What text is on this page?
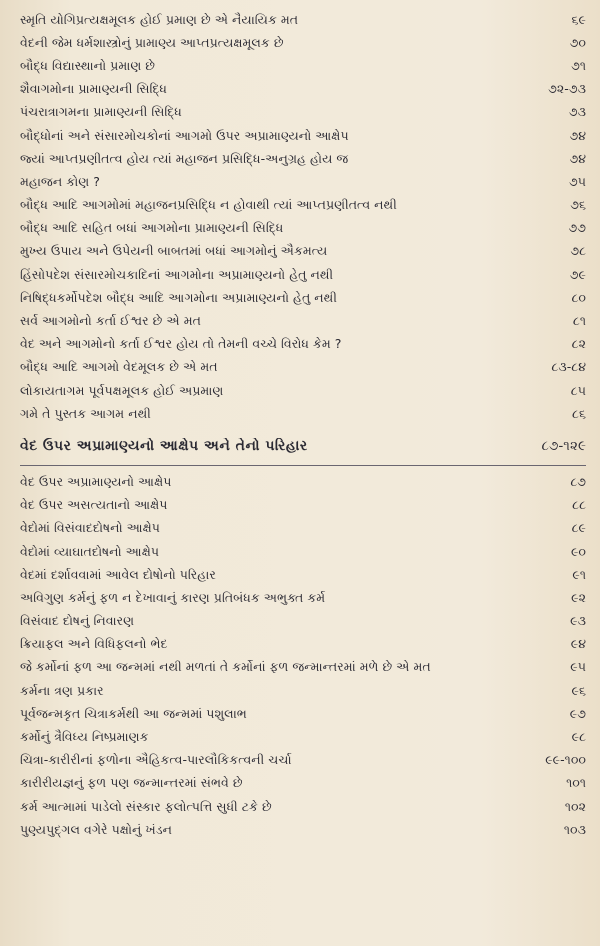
સ્મૃતિ યોગિપ્રત્યક્ષમૂલક હોઈ પ્રમાણ છે એ નૈયાયિક મત	૬૯
વેદની જેમ ધર્મશાસ્ત્રોનું પ્રામાણ્ય આપ્તપ્રત્યક્ષમૂલક છે	૭૦
બૌદ્ધ વિદ્યાસ્થાનો પ્રમાણ છે	૭૧
શૈવાગમોના પ્રામાણ્યની સિદ્ધિ	૭૨-૭૩
પંચરાત્રાગમના પ્રામાણ્યની સિદ્ધિ	૭૩
બૌદ્ધોનાં અને સંસારમોચકોનાં આગમો ઉપર અપ્રામાણ્યનો આક્ષેપ	૭૪
જ્યાં આપ્તપ્રણીતત્વ હોય ત્યાં મહાજન પ્રસિદ્ધિ-અનુગ્રહ હોય જ	૭૪
મહાજન કોણ ?	૭૫
બૌદ્ધ આદિ આગમોમાં મહાજનપ્રસિદ્ધિ ન હોવાથી ત્યાં આપ્તપ્રણીતત્વ નથી	૭૬
બૌદ્ધ આદિ સહિત બધાં આગમોના પ્રામાણ્યની સિદ્ધિ	૭૭
મુખ્ય ઉપાય અને ઉપેયની બાબતમાં બધાં આગમોનું ઐકમત્ય	૭૮
હિંસોપદેશ સંસારમોચકાદિનાં આગમોના અપ્રામાણ્યનો હેતુ નથી	૭૯
નિષિદ્ધકર્મોપદેશ બૌદ્ધ આદિ આગમોના અપ્રામાણ્યનો હેતુ નથી	૮૦
સર્વ આગમોનો કર્તા ઈશ્વર છે એ મત	૮૧
વેદ અને આગમોનો કર્તા ઈશ્વર હોય તો તેમની વચ્ચે વિરોધ કેમ ?	૮૨
બૌદ્ધ આદિ આગમો વેદમૂલક છે એ મત	૮૩-૮૪
લોકાયતાગમ પૂર્વપક્ષમૂલક હોઈ અપ્રમાણ	૮૫
ગમે તે પુસ્તક આગમ નથી	૮૬
વેદ ઉપર અપ્રામાણ્યનો આક્ષેપ અને તેનો પરિહાર	૮૭-૧૨૯
વેદ ઉપર અપ્રામાણ્યનો આક્ષેપ	૮૭
વેદ ઉપર અસત્યતાનો આક્ષેપ	૮૮
વેદોમાં વિસંવાદદોષનો આક્ષેપ	૮૯
વેદોમાં વ્યાઘાતદોષનો આક્ષેપ	૯૦
વેદમાં દર્શાવવામાં આવેલ દોષોનો પરિહાર	૯૧
અવિગુણ કર્મનું ફળ ન દેખાવાનું કારણ પ્રતિબંધક અભુક્ત કર્મ	૯૨
વિસંવાદ દોષનું નિવારણ	૯૩
ક્રિયાફલ અને વિધિફલનો ભેદ	૯૪
જે કર્મોનાં ફળ આ જન્મમાં નથી મળતાં તે કર્મોનાં ફળ જન્માન્તરમાં મળે છે એ મત	૯૫
કર્મના ત્રણ પ્રકાર	૯૬
પૂર્વજન્મકૃત ચિત્રાકર્મથી આ જન્મમાં પશુલાભ	૯૭
કર્મોનું ત્રૈવિધ્ય નિષ્પ્રમાણક	૯૮
ચિત્રા-કારીરીનાં ફળોના ઐહિકત્વ-પારલૌકિકત્વની ચર્ચા	૯૯-૧૦૦
કારીરીયજ્ઞનું ફળ પણ જન્માન્તરમાં સંભવે છે	૧૦૧
કર્મ આત્મામાં પાડેલો સંસ્કાર ફલોત્પત્તિ સુધી ટકે છે	૧૦૨
પુણ્યપુદ્ગલ વગેરે પક્ષોનું ખંડન	૧૦૩
